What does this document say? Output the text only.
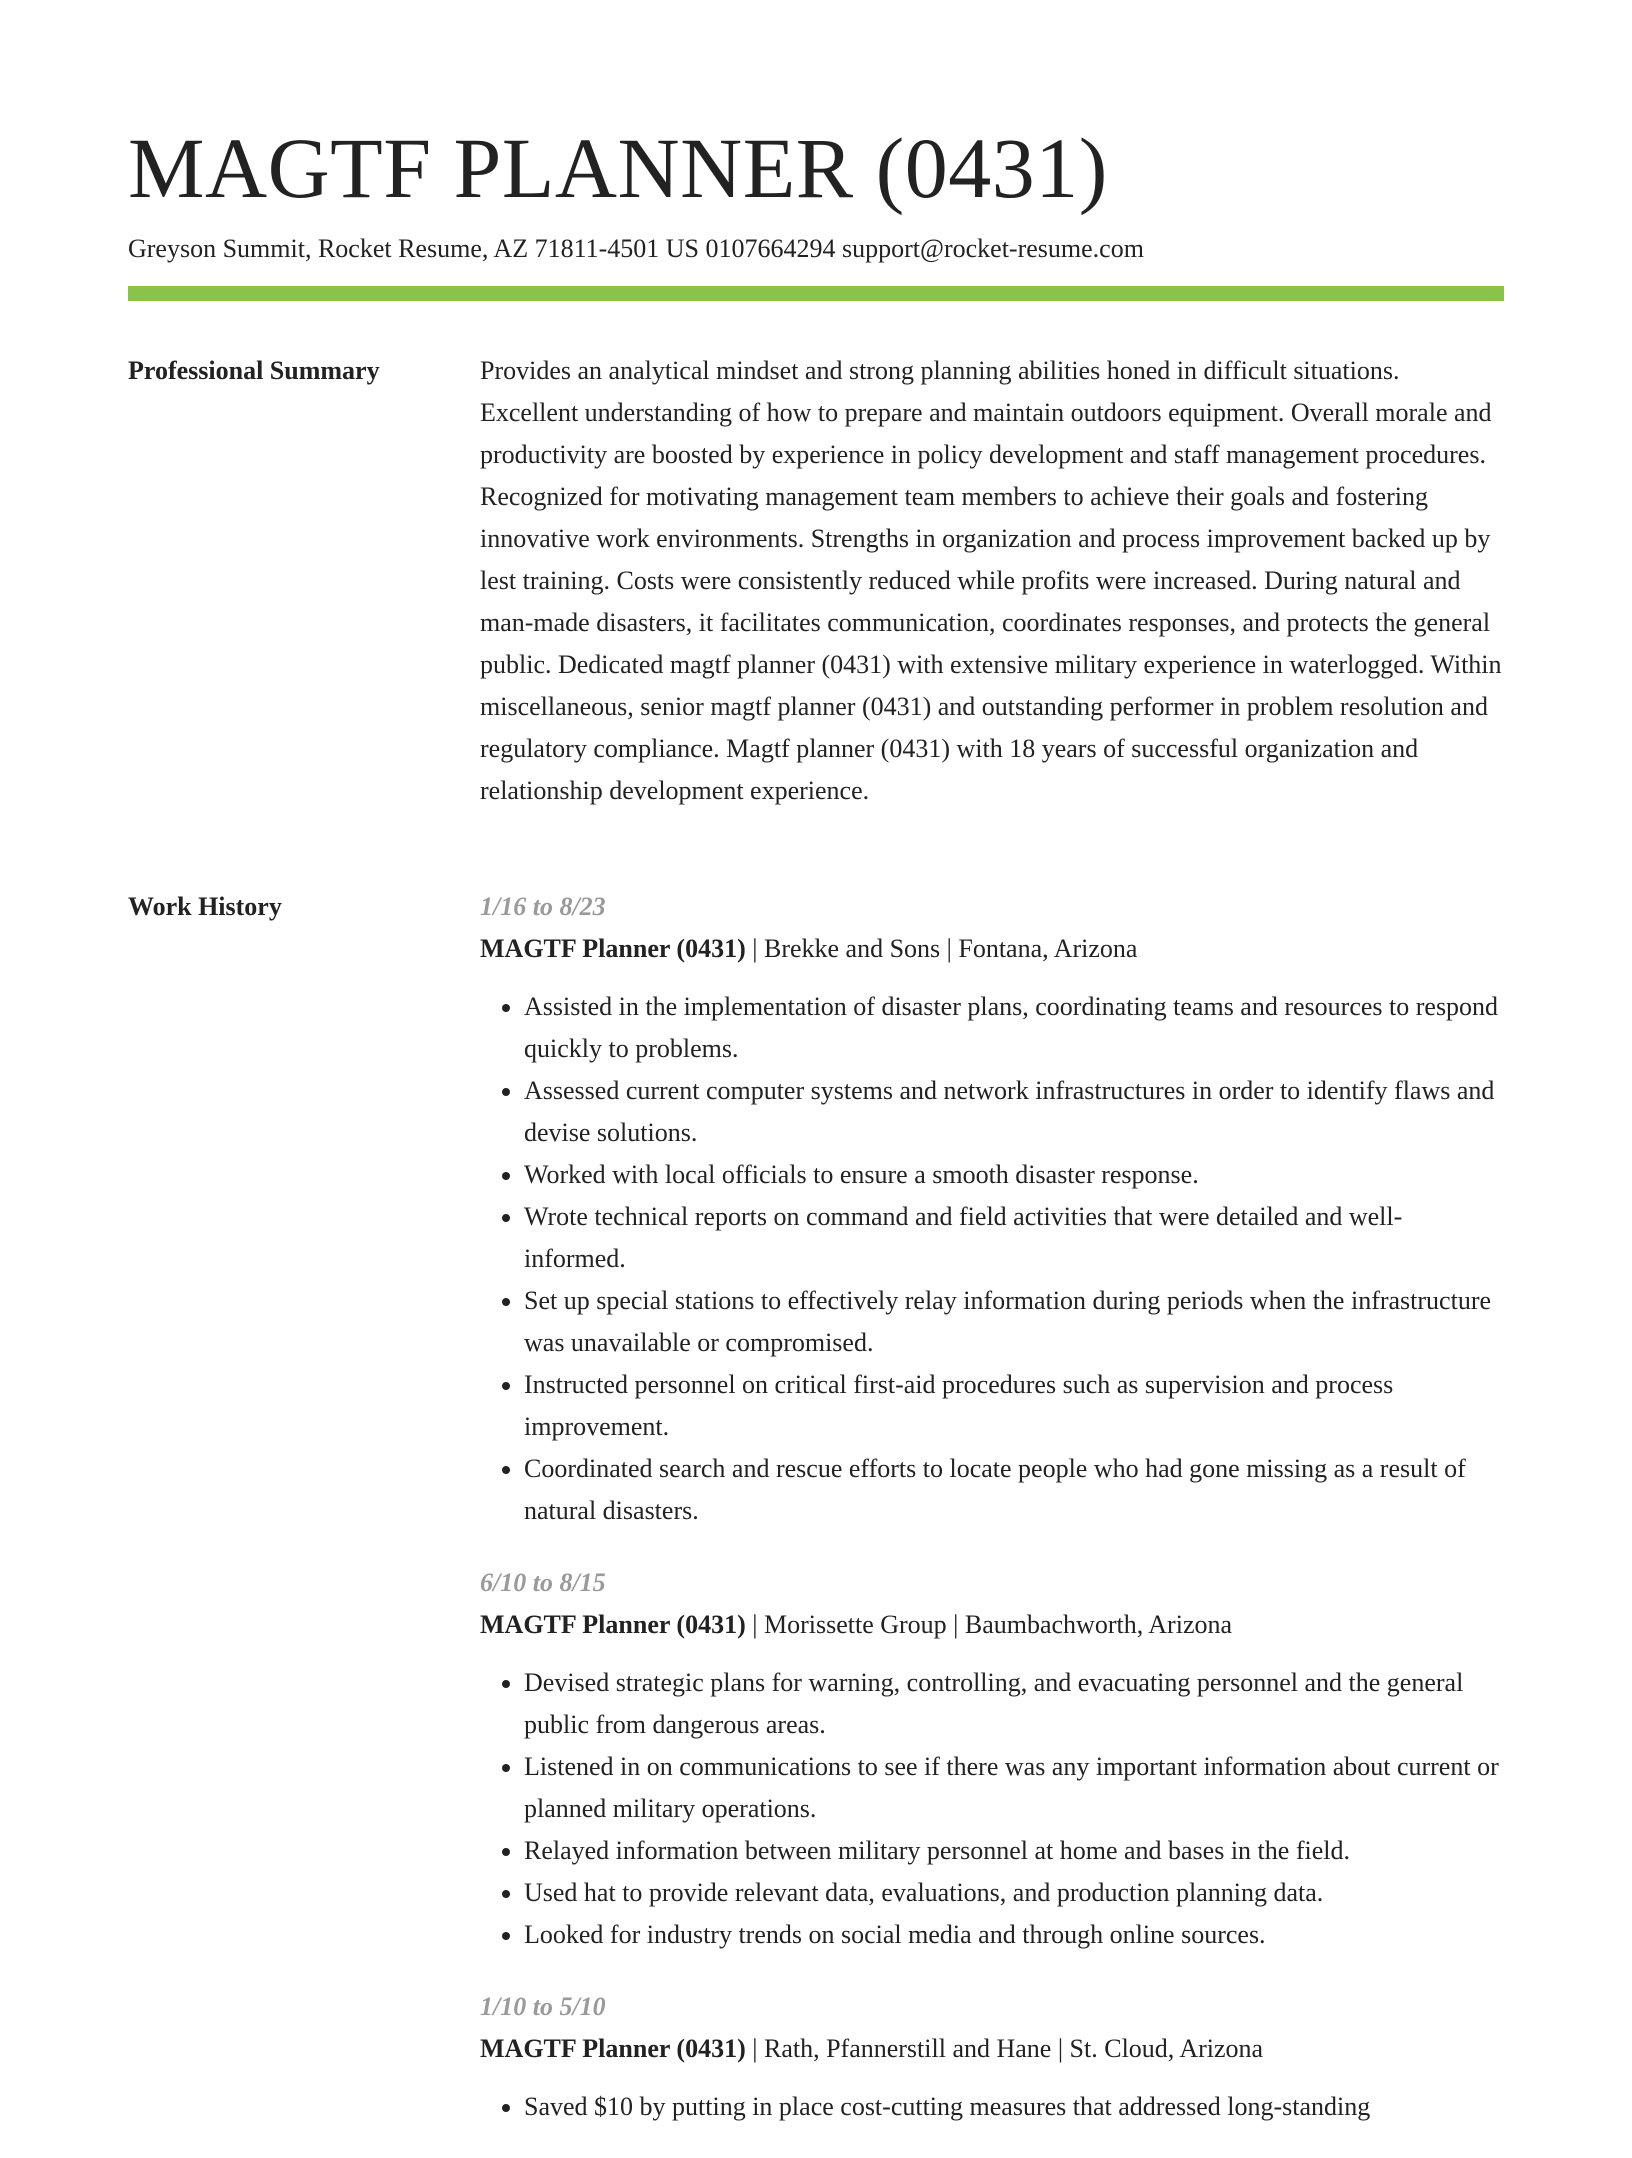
MAGTF PLANNER (0431)
Greyson Summit, Rocket Resume, AZ 71811-4501 US 0107664294 support@rocket-resume.com
Professional Summary	Provides an analytical mindset and strong planning abilities honed in difficult situations. Excellent understanding of how to prepare and maintain outdoors equipment. Overall morale and productivity are boosted by experience in policy development and staff management procedures. Recognized for motivating management team members to achieve their goals and fostering innovative work environments. Strengths in organization and process improvement backed up by lest training. Costs were consistently reduced while profits were increased. During natural and man-made disasters, it facilitates communication, coordinates responses, and protects the general public. Dedicated magtf planner (0431) with extensive military experience in waterlogged. Within miscellaneous, senior magtf planner (0431) and outstanding performer in problem resolution and regulatory compliance. Magtf planner (0431) with 18 years of successful organization and relationship development experience.

Work History	1/16 to 8/23
MAGTF Planner (0431) | Brekke and Sons | Fontana, Arizona
• Assisted in the implementation of disaster plans, coordinating teams and resources to respond quickly to problems.
• Assessed current computer systems and network infrastructures in order to identify flaws and devise solutions.
• Worked with local officials to ensure a smooth disaster response.
• Wrote technical reports on command and field activities that were detailed and well-informed.
• Set up special stations to effectively relay information during periods when the infrastructure was unavailable or compromised.
• Instructed personnel on critical first-aid procedures such as supervision and process improvement.
• Coordinated search and rescue efforts to locate people who had gone missing as a result of natural disasters.
6/10 to 8/15
MAGTF Planner (0431) | Morissette Group | Baumbachworth, Arizona
• Devised strategic plans for warning, controlling, and evacuating personnel and the general public from dangerous areas.
• Listened in on communications to see if there was any important information about current or planned military operations.
• Relayed information between military personnel at home and bases in the field.
• Used hat to provide relevant data, evaluations, and production planning data.
• Looked for industry trends on social media and through online sources.
1/10 to 5/10
MAGTF Planner (0431) | Rath, Pfannerstill and Hane | St. Cloud, Arizona
• Saved $10 by putting in place cost-cutting measures that addressed long-standing
